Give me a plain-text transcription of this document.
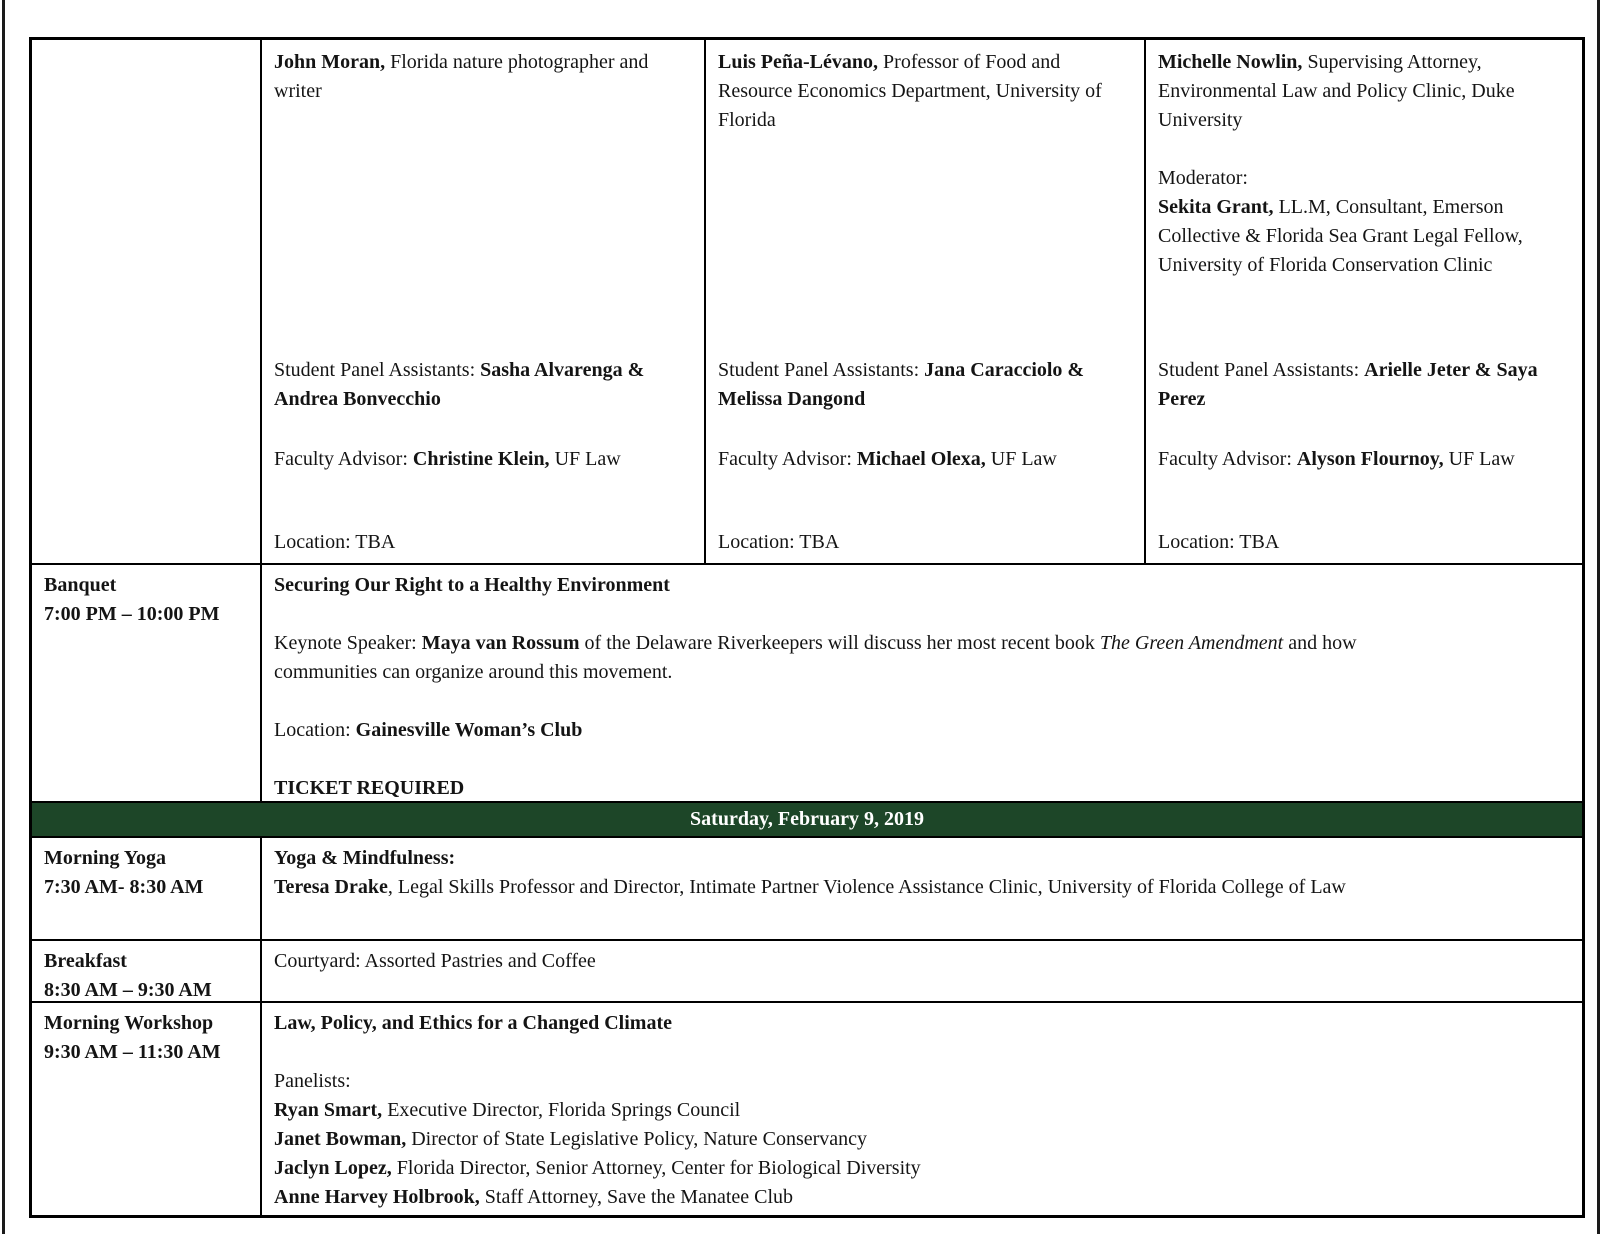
John Moran, Florida nature photographer and writer

Student Panel Assistants: Sasha Alvarenga & Andrea Bonvecchio

Faculty Advisor: Christine Klein, UF Law

Location: TBA

Luis Peña-Lévano, Professor of Food and Resource Economics Department, University of Florida

Student Panel Assistants: Jana Caracciolo & Melissa Dangond

Faculty Advisor: Michael Olexa, UF Law

Location: TBA

Michelle Nowlin, Supervising Attorney, Environmental Law and Policy Clinic, Duke University

Moderator:

Sekita Grant, LL.M, Consultant, Emerson Collective & Florida Sea Grant Legal Fellow, University of Florida Conservation Clinic

Student Panel Assistants: Arielle Jeter & Saya Perez

Faculty Advisor: Alyson Flournoy, UF Law

Location: TBA

Banquet

7:00 PM – 10:00 PM

Securing Our Right to a Healthy Environment

Keynote Speaker: Maya van Rossum of the Delaware Riverkeepers will discuss her most recent book The Green Amendment and how communities can organize around this movement.

Location: Gainesville Woman’s Club

TICKET REQUIRED

Saturday, February 9, 2019

Morning Yoga

7:30 AM- 8:30 AM

Yoga & Mindfulness:

Teresa Drake, Legal Skills Professor and Director, Intimate Partner Violence Assistance Clinic, University of Florida College of Law

Breakfast

8:30 AM – 9:30 AM

Courtyard: Assorted Pastries and Coffee

Morning Workshop

9:30 AM – 11:30 AM

Law, Policy, and Ethics for a Changed Climate

Panelists:

Ryan Smart, Executive Director, Florida Springs Council

Janet Bowman, Director of State Legislative Policy, Nature Conservancy

Jaclyn Lopez, Florida Director, Senior Attorney, Center for Biological Diversity

Anne Harvey Holbrook, Staff Attorney, Save the Manatee Club
